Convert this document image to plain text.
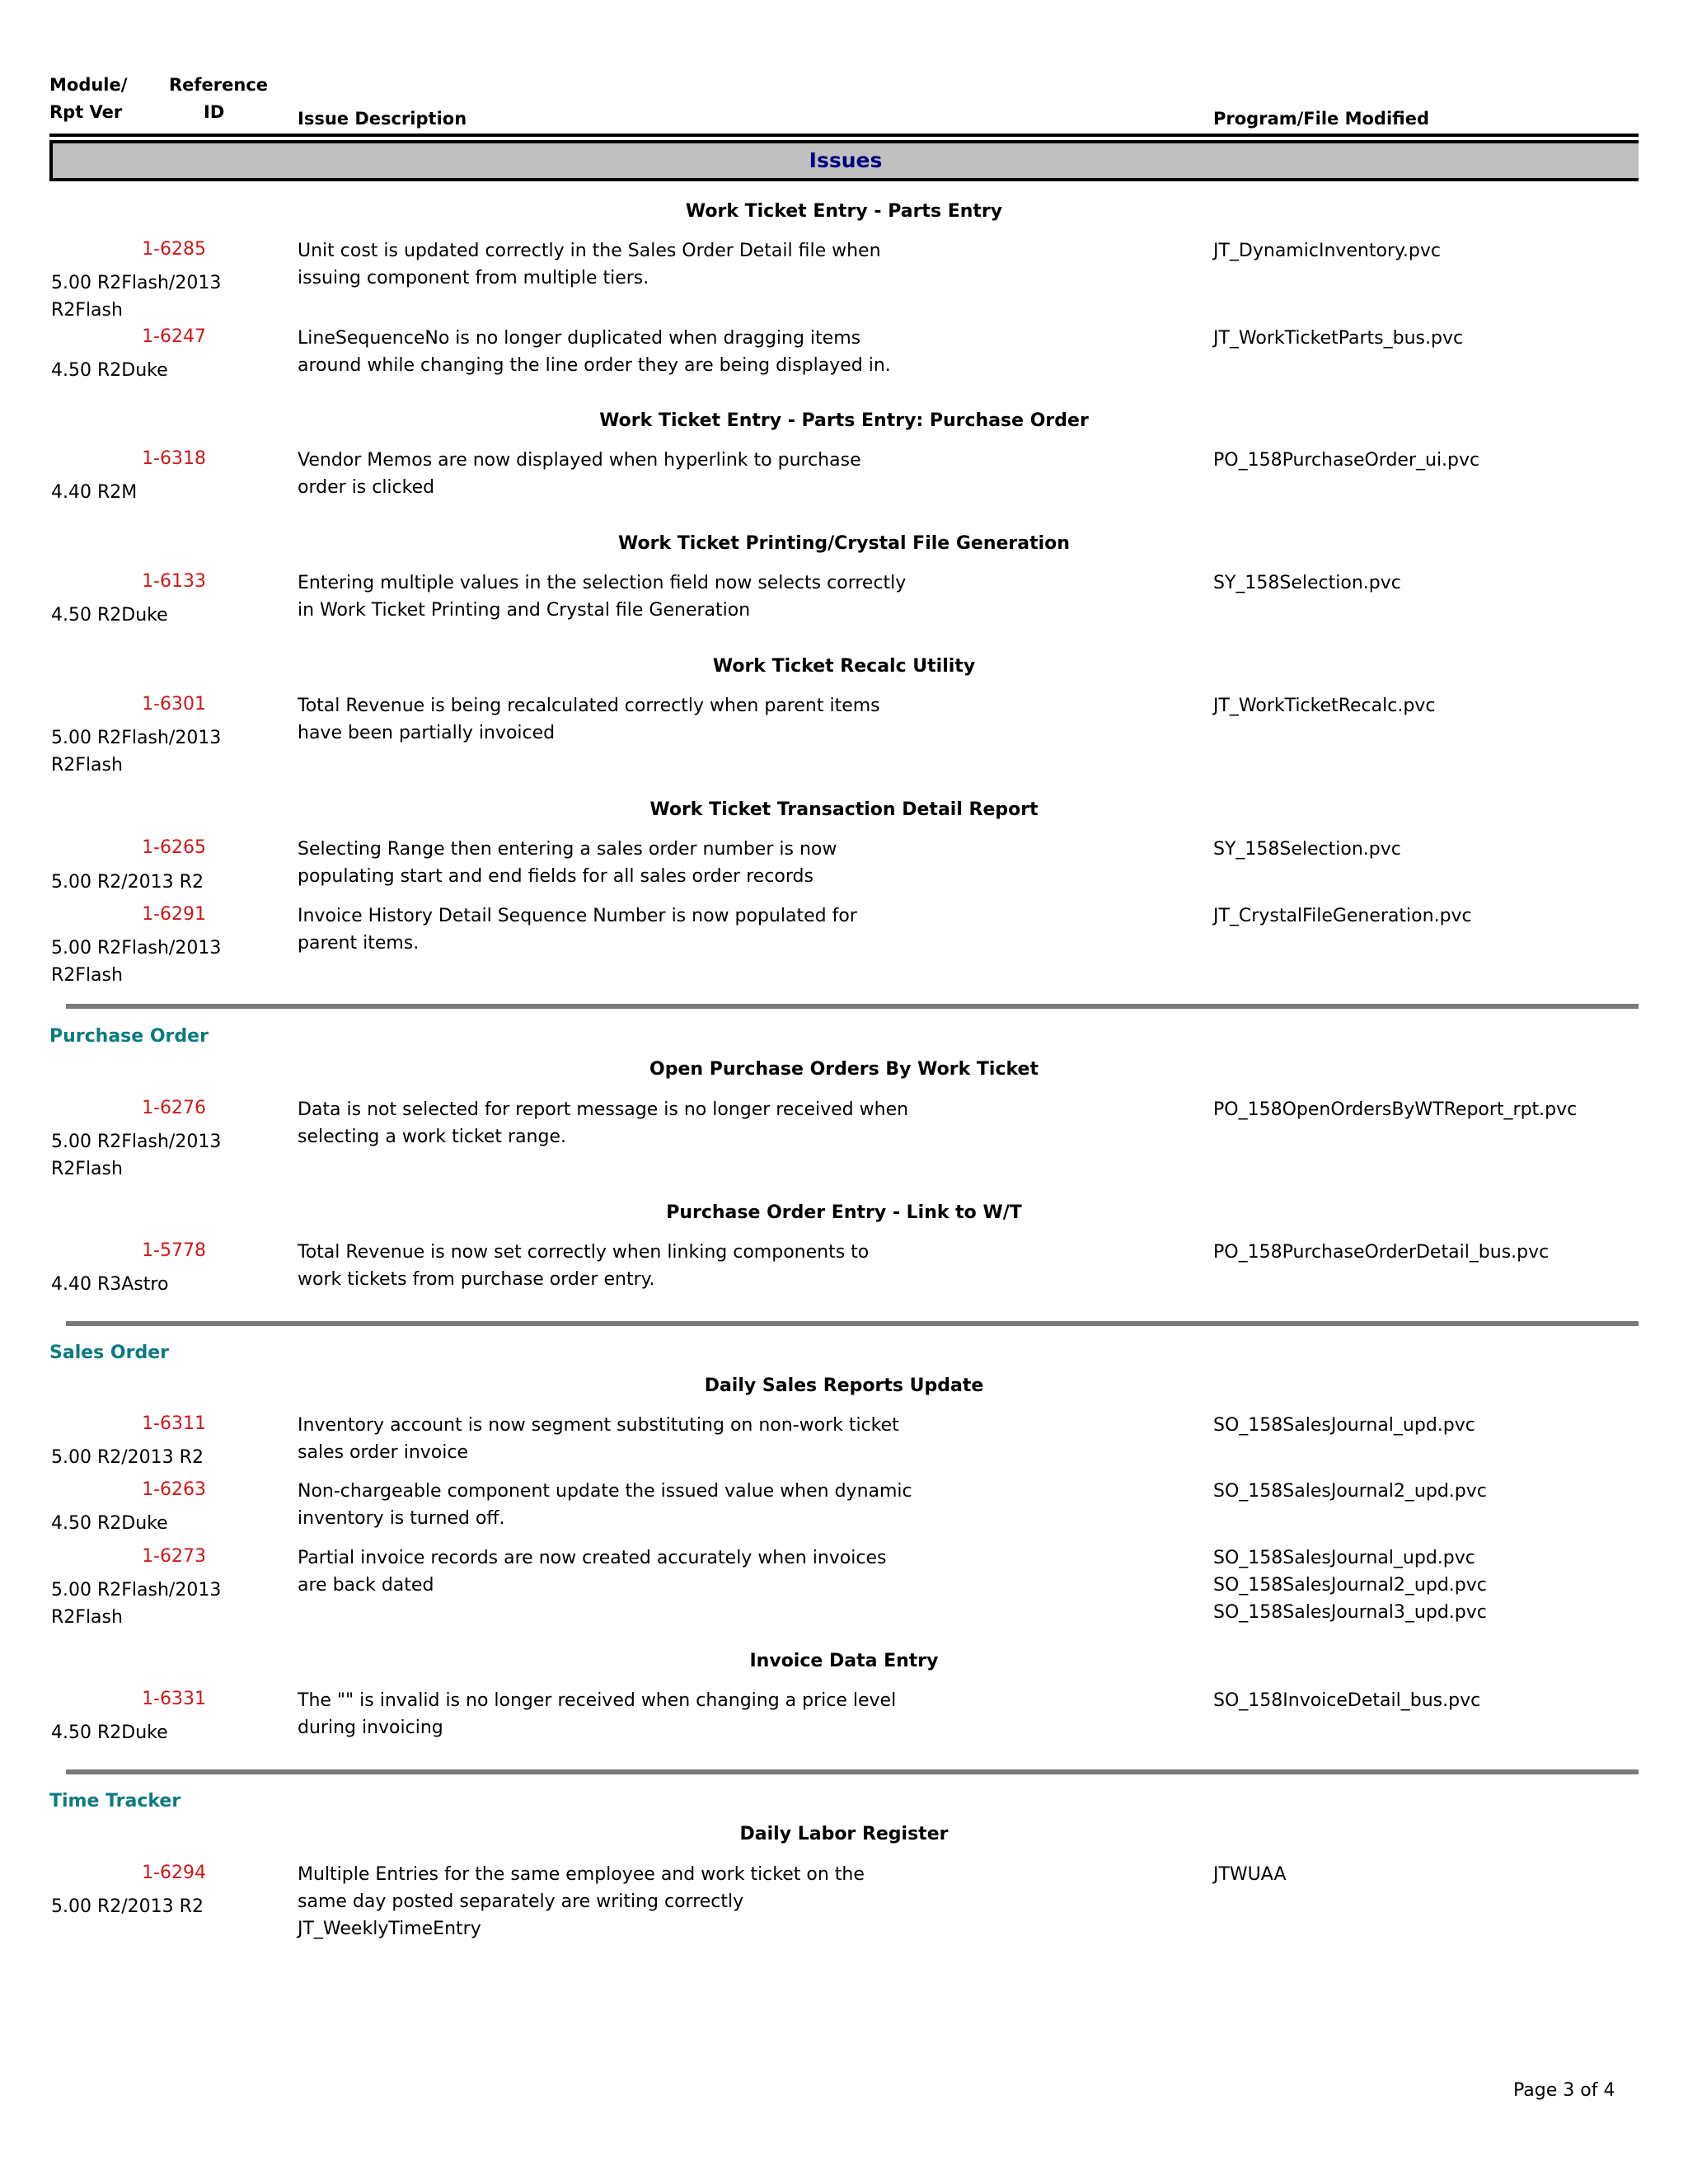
Module/
Rpt Ver
Reference
ID	Issue Description	Program/File Modified
Issues
Work Ticket Entry - Parts Entry
1-6285
5.00 R2Flash/2013
R2Flash
Unit cost is updated correctly in the Sales Order Detail file when
issuing component from multiple tiers.
JT_DynamicInventory.pvc
1-6247
4.50 R2Duke
LineSequenceNo is no longer duplicated when dragging items
around while changing the line order they are being displayed in.
JT_WorkTicketParts_bus.pvc
Work Ticket Entry - Parts Entry: Purchase Order
1-6318
4.40 R2M
Vendor Memos are now displayed when hyperlink to purchase
order is clicked
PO_158PurchaseOrder_ui.pvc
Work Ticket Printing/Crystal File Generation
1-6133
4.50 R2Duke
Entering multiple values in the selection field now selects correctly
in Work Ticket Printing and Crystal file Generation
SY_158Selection.pvc
Work Ticket Recalc Utility
1-6301
5.00 R2Flash/2013
R2Flash
Total Revenue is being recalculated correctly when parent items
have been partially invoiced
JT_WorkTicketRecalc.pvc
Work Ticket Transaction Detail Report
1-6265
5.00 R2/2013 R2
Selecting Range then entering a sales order number is now
populating start and end fields for all sales order records
SY_158Selection.pvc
1-6291
5.00 R2Flash/2013
R2Flash
Invoice History Detail Sequence Number is now populated for
parent items.
JT_CrystalFileGeneration.pvc
Purchase Order
Open Purchase Orders By Work Ticket
1-6276
5.00 R2Flash/2013
R2Flash
Data is not selected for report message is no longer received when
selecting a work ticket range.
PO_158OpenOrdersByWTReport_rpt.pvc
Purchase Order Entry - Link to W/T
1-5778
4.40 R3Astro
Total Revenue is now set correctly when linking components to
work tickets from purchase order entry.
PO_158PurchaseOrderDetail_bus.pvc
Sales Order
Daily Sales Reports Update
1-6311
5.00 R2/2013 R2
Inventory account is now segment substituting on non-work ticket
sales order invoice
SO_158SalesJournal_upd.pvc
1-6263
4.50 R2Duke
Non-chargeable component update the issued value when dynamic
inventory is turned off.
SO_158SalesJournal2_upd.pvc
1-6273
5.00 R2Flash/2013
R2Flash
Partial invoice records are now created accurately when invoices
are back dated
SO_158SalesJournal_upd.pvc
SO_158SalesJournal2_upd.pvc
SO_158SalesJournal3_upd.pvc
Invoice Data Entry
1-6331
4.50 R2Duke
The "" is invalid is no longer received when changing a price level
during invoicing
SO_158InvoiceDetail_bus.pvc
Time Tracker
Daily Labor Register
1-6294
5.00 R2/2013 R2
Multiple Entries for the same employee and work ticket on the
same day posted separately are writing correctly
JT_WeeklyTimeEntry
JTWUAA
Page 3 of 4
